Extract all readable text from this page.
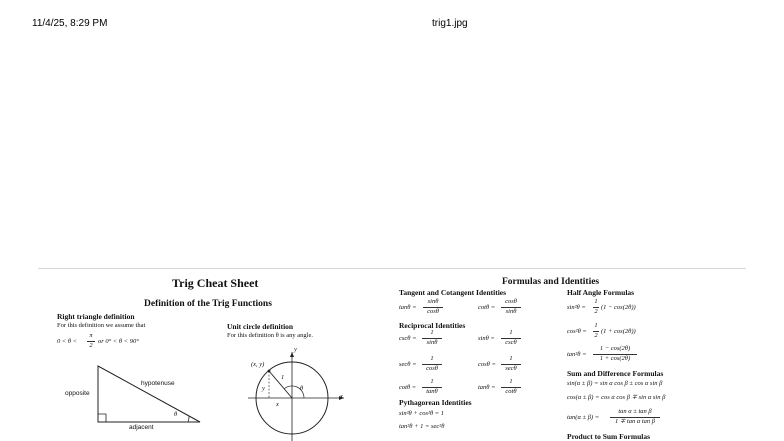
11/4/25, 8:29 PM	trig1.jpg
Trig Cheat Sheet
Definition of the Trig Functions
Right triangle definition
For this definition we assume that
0 < θ <
π
2
or 0° < θ < 90°
opposite
hypotenuse
adjacent
θ
Unit circle definition
For this definition θ is any angle.
(x, y)
1
y
x
θ
x
y
Formulas and Identities
Tangent and Cotangent Identities
tanθ =
sinθ
cosθ
cotθ =
cosθ
sinθ
Reciprocal Identities
cscθ =
1
sinθ
sinθ =
1
cscθ
secθ =
1
cosθ
cosθ =
1
secθ
cotθ =
1
tanθ
tanθ =
1
cotθ
Pythagorean Identities
sin²θ + cos²θ = 1
tan²θ + 1 = sec²θ
Half Angle Formulas
sin²θ =
1
2
(1 − cos(2θ))
cos²θ =
1
2
(1 + cos(2θ))
tan²θ =
1 − cos(2θ)
1 + cos(2θ)
Sum and Difference Formulas
sin(α ± β) = sin α cos β ± cos α sin β
cos(α ± β) = cos α cos β ∓ sin α sin β
tan(α ± β) =
tan α ± tan β
1 ∓ tan α tan β
Product to Sum Formulas
